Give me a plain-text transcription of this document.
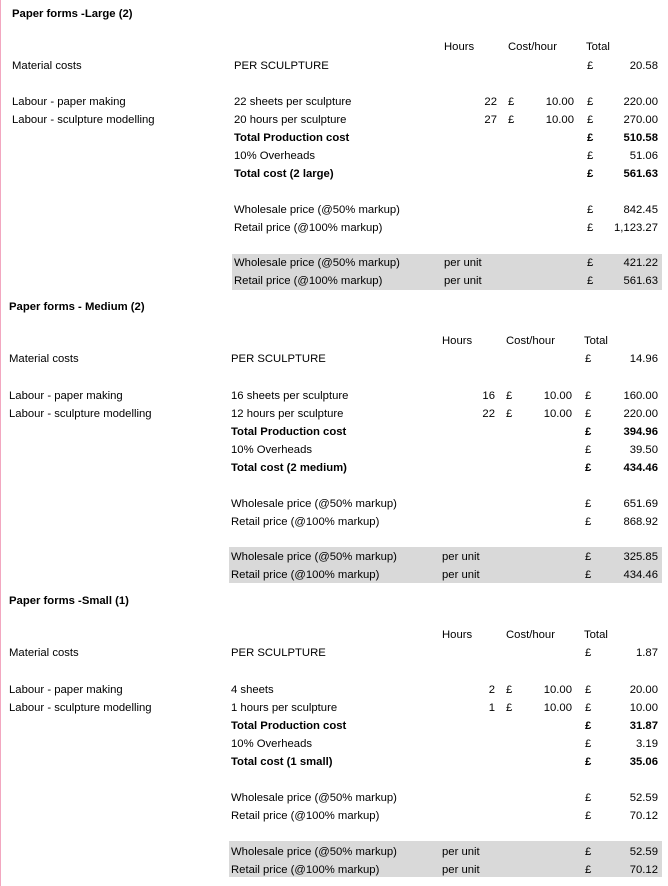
Paper forms -Large (2)
Hours	Cost/hour	Total
Material costs	PER SCULPTURE	£	20.58
Labour - paper making	22 sheets per sculpture	22 £	10.00 £	220.00
Labour - sculpture modelling	20 hours per sculpture	27 £	10.00 £	270.00
Total Production cost	£	510.58
10% Overheads	£	51.06
Total cost (2 large)	£	561.63
Wholesale price (@50% markup)	£	842.45
Retail price (@100% markup)	£ 1,123.27
Wholesale price (@50% markup)	per unit	£	421.22
Retail price (@100% markup)	per unit	£	561.63
Paper forms - Medium (2)
Hours	Cost/hour	Total
Material costs	PER SCULPTURE	£	14.96
Labour - paper making	16 sheets per sculpture	16 £	10.00 £	160.00
Labour - sculpture modelling	12 hours per sculpture	22 £	10.00 £	220.00
Total Production cost	£	394.96
10% Overheads	£	39.50
Total cost (2 medium)	£	434.46
Wholesale price (@50% markup)	£	651.69
Retail price (@100% markup)	£	868.92
Wholesale price (@50% markup)	per unit	£	325.85
Retail price (@100% markup)	per unit	£	434.46
Paper forms -Small (1)
Hours	Cost/hour	Total
Material costs	PER SCULPTURE	£	1.87
Labour - paper making	4 sheets	2 £	10.00 £	20.00
Labour - sculpture modelling	1 hours per sculpture	1 £	10.00 £	10.00
Total Production cost	£	31.87
10% Overheads	£	3.19
Total cost (1 small)	£	35.06
Wholesale price (@50% markup)	£	52.59
Retail price (@100% markup)	£	70.12
Wholesale price (@50% markup)	per unit	£	52.59
Retail price (@100% markup)	per unit	£	70.12
